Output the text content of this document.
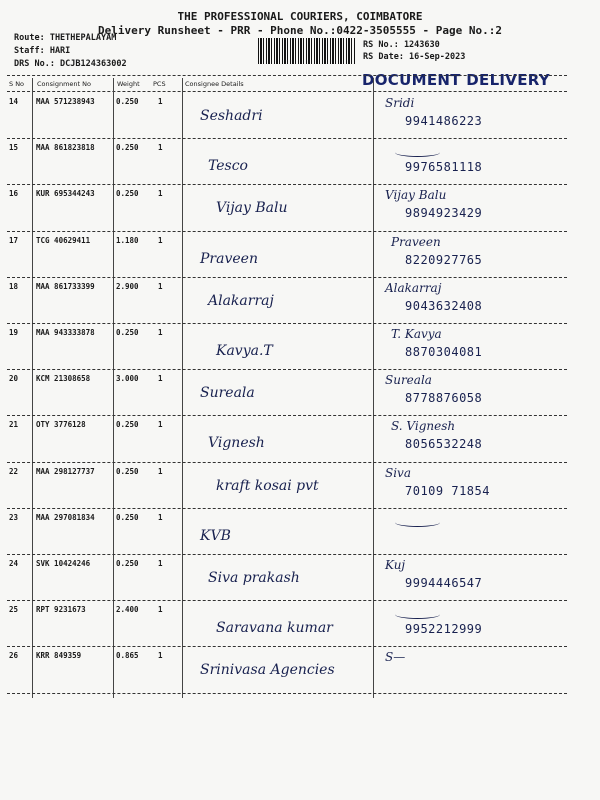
THE PROFESSIONAL COURIERS, COIMBATORE
Delivery Runsheet - PRR - Phone No.:0422-3505555 - Page No.:2
Route: THETHEPALAYAM
Staff: HARI
DRS No.: DCJB124363002
RS No.: 1243630
RS Date: 16-Sep-2023
DOCUMENT DELIVERY
S No Consignment No	Weight PCS	Consignee Details
14 MAA 571238943	0.250	1
Seshadri
Sridi
9941486223
15 MAA 861823818	0.250	1
Tesco	9976581118
16 KUR 695344243	0.250	1
Vijay Balu
Vijay Balu
9894923429
17 TCG 40629411	1.180	1
Praveen
Praveen
8220927765
18 MAA 861733399	2.900	1
Alakarraj
Alakarraj
9043632408
19 MAA 943333878	0.250	1
Kavya.T
T. Kavya
8870304081
20 KCM 21308658	3.000	1
Sureala
Sureala
8778876058
21 OTY 3776128	0.250	1
Vignesh
S. Vignesh
8056532248
22 MAA 298127737	0.250	1
kraft kosai pvt
Siva
70109 71854
23 MAA 297081834	0.250	1
KVB
24 SVK 10424246	0.250	1
Siva prakash
Kuj
9994446547
25 RPT 9231673	2.400	1
Saravana kumar	9952212999
26 KRR 849359	0.865	1
Srinivasa Agencies
S—
